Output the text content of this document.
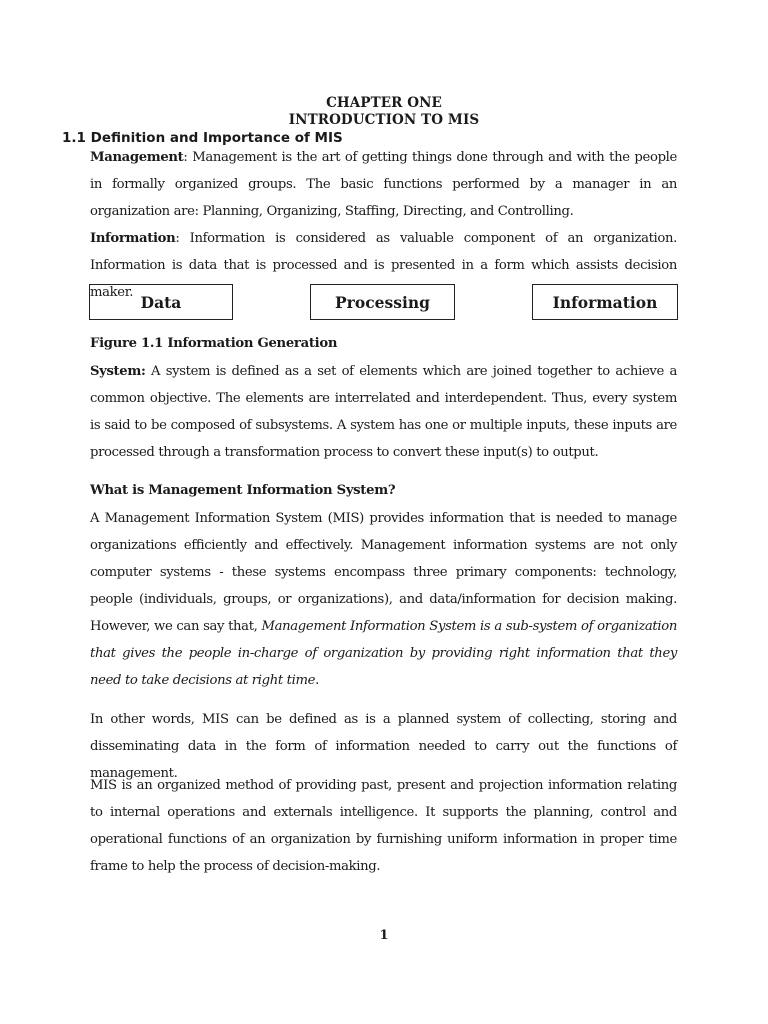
CHAPTER ONE
INTRODUCTION TO MIS
1.1 Definition and Importance of MIS
Management: Management is the art of getting things done through and with the people in formally organized groups. The basic functions performed by a manager in an organization are: Planning, Organizing, Staffing, Directing, and Controlling.
Information: Information is considered as valuable component of an organization. Information is data that is processed and is presented in a form which assists decision maker. Data	Processing	Information
Figure 1.1 Information Generation
System: A system is defined as a set of elements which are joined together to achieve a common objective. The elements are interrelated and interdependent. Thus, every system is said to be composed of subsystems. A system has one or multiple inputs, these inputs are processed through a transformation process to convert these input(s) to output.
What is Management Information System?
A Management Information System (MIS) provides information that is needed to manage organizations efficiently and effectively. Management information systems are not only computer systems - these systems encompass three primary components: technology, people (individuals, groups, or organizations), and data/information for decision making. However, we can say that, Management Information System is a sub-system of organization that gives the people in-charge of organization by providing right information that they need to take decisions at right time.
In other words, MIS can be defined as is a planned system of collecting, storing and disseminating data in the form of information needed to carry out the functions of management.
MIS is an organized method of providing past, present and projection information relating to internal operations and externals intelligence. It supports the planning, control and operational functions of an organization by furnishing uniform information in proper time frame to help the process of decision-making.
1
